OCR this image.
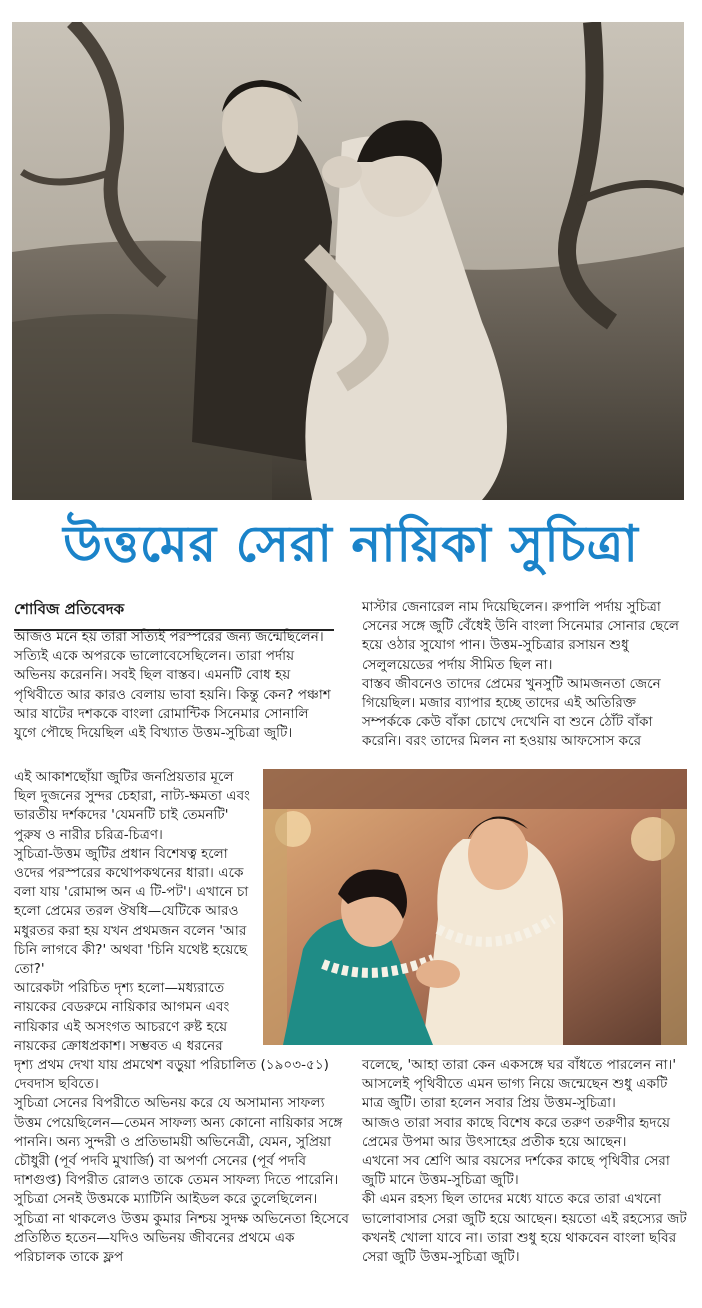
উত্তমের সেরা নায়িকা সুচিত্রা
শোবিজ প্রতিবেদক

আজও মনে হয় তারা সত্যিই পরস্পরের জন্য জন্মেছিলেন। সত্যিই একে অপরকে ভালোবেসেছিলেন। তারা পর্দায় অভিনয় করেননি। সবই ছিল বাস্তব। এমনটি বোধ হয় পৃথিবীতে আর কারও বেলায় ভাবা হয়নি। কিন্তু কেন? পঞ্চাশ আর ষাটের দশককে বাংলা রোমান্টিক সিনেমার সোনালি যুগে পৌছে দিয়েছিল এই বিখ্যাত উত্তম-সুচিত্রা জুটি।

এই আকাশছোঁয়া জুটির জনপ্রিয়তার মূলে ছিল দুজনের সুন্দর চেহারা, নাট্য-ক্ষমতা এবং ভারতীয় দর্শকদের 'যেমনটি চাই তেমনটি' পুরুষ ও নারীর চরিত্র-চিত্রণ।

সুচিত্রা-উত্তম জুটির প্রধান বিশেষত্ব হলো ওদের পরস্পরের কথোপকথনের ধারা। একে বলা যায় 'রোমান্স অন এ টি-পট'। এখানে চা হলো প্রেমের তরল ঔষধি—যেটিকে আরও মধুরতর করা হয় যখন প্রথমজন বলেন 'আর চিনি লাগবে কী?' অথবা 'চিনি যথেষ্ট হয়েছে তো?'

আরেকটা পরিচিত দৃশ্য হলো—মধ্যরাতে নায়কের বেডরুমে নায়িকার আগমন এবং নায়িকার এই অসংগত আচরণে রুষ্ট হয়ে নায়কের ক্রোধপ্রকাশ। সম্ভবত এ ধরনের

দৃশ্য প্রথম দেখা যায় প্রমথেশ বড়ুয়া পরিচালিত (১৯০৩-৫১) দেবদাস ছবিতে।

সুচিত্রা সেনের বিপরীতে অভিনয় করে যে অসামান্য সাফল্য উত্তম পেয়েছিলেন—তেমন সাফল্য অন্য কোনো নায়িকার সঙ্গে পাননি। অন্য সুন্দরী ও প্রতিভাময়ী অভিনেত্রী, যেমন, সুপ্রিয়া চৌধুরী (পূর্ব পদবি মুখার্জি) বা অপর্ণা সেনের (পূর্ব পদবি দাশগুপ্ত) বিপরীত রোলও তাকে তেমন সাফল্য দিতে পারেনি।

সুচিত্রা সেনই উত্তমকে ম্যাটিনি আইডল করে তুলেছিলেন। সুচিত্রা না থাকলেও উত্তম কুমার নিশ্চয় সুদক্ষ অভিনেতা হিসেবে প্রতিষ্ঠিত হতেন—যদিও অভিনয় জীবনের প্রথমে এক পরিচালক তাকে ফ্লপ

মাস্টার জেনারেল নাম দিয়েছিলেন। রুপালি পর্দায় সুচিত্রা সেনের সঙ্গে জুটি বেঁধেই উনি বাংলা সিনেমার সোনার ছেলে হয়ে ওঠার সুযোগ পান। উত্তম-সুচিত্রার রসায়ন শুধু সেলুলয়েডের পর্দায় সীমিত ছিল না।

বাস্তব জীবনেও তাদের প্রেমের খুনসুটি আমজনতা জেনে গিয়েছিল। মজার ব্যাপার হচ্ছে তাদের এই অতিরিক্ত সম্পর্ককে কেউ বাঁকা চোখে দেখেনি বা শুনে ঠোঁট বাঁকা করেনি। বরং তাদের মিলন না হওয়ায় আফসোস করে

বলেছে, 'আহা তারা কেন একসঙ্গে ঘর বাঁধতে পারলেন না।' আসলেই পৃথিবীতে এমন ভাগ্য নিয়ে জন্মেছেন শুধু একটি মাত্র জুটি। তারা হলেন সবার প্রিয় উত্তম-সুচিত্রা।

আজও তারা সবার কাছে বিশেষ করে তরুণ তরুণীর হৃদয়ে প্রেমের উপমা আর উৎসাহের প্রতীক হয়ে আছেন।

এখনো সব শ্রেণি আর বয়সের দর্শকের কাছে পৃথিবীর সেরা জুটি মানে উত্তম-সুচিত্রা জুটি।

কী এমন রহস্য ছিল তাদের মধ্যে যাতে করে তারা এখনো ভালোবাসার সেরা জুটি হয়ে আছেন। হয়তো এই রহস্যের জট কখনই খোলা যাবে না। তারা শুধু হয়ে থাকবেন বাংলা ছবির সেরা জুটি উত্তম-সুচিত্রা জুটি।
